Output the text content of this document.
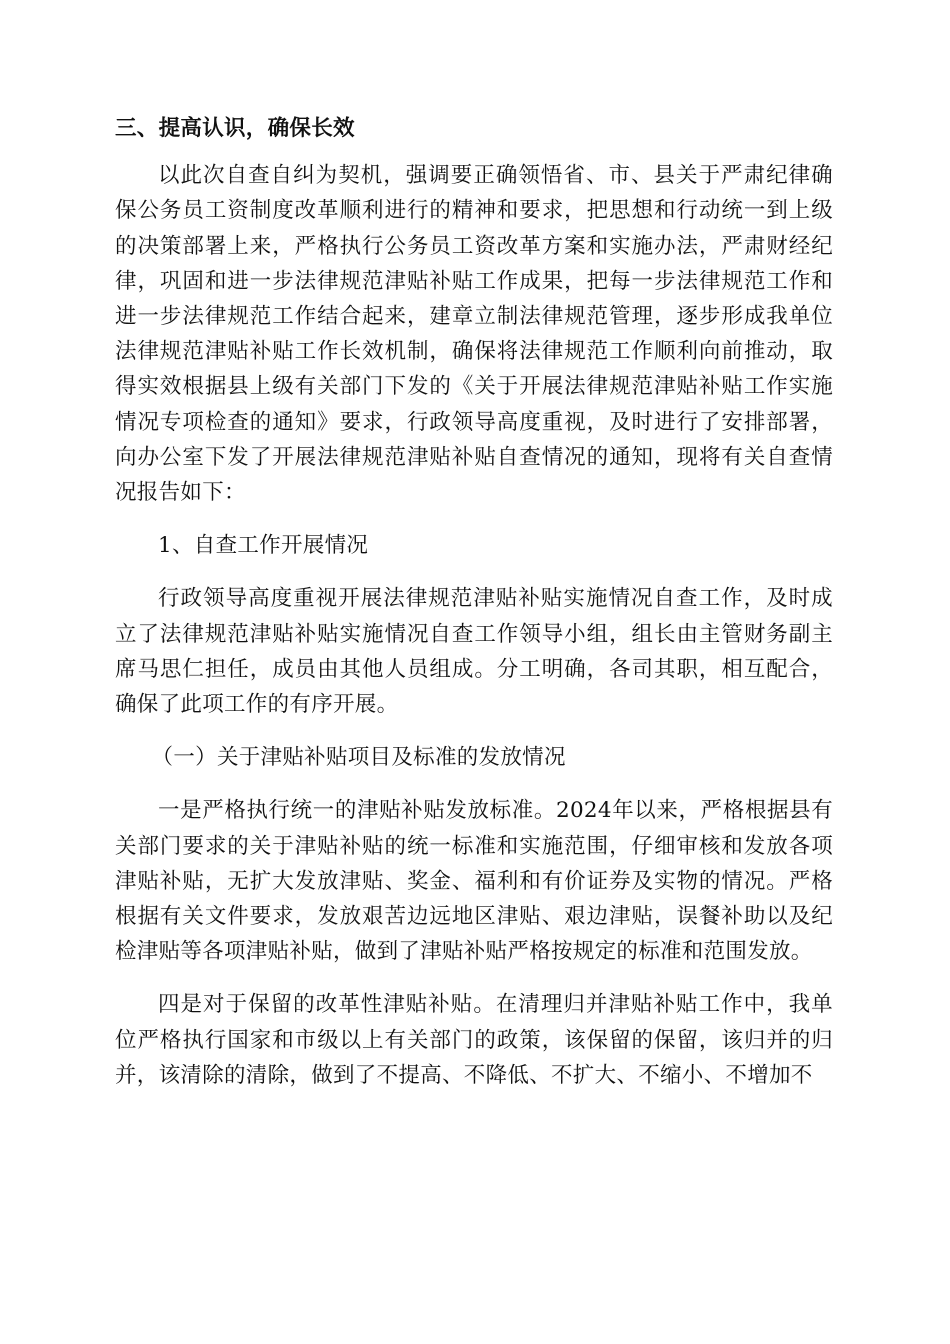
三、提高认识，确保长效

以此次自查自纠为契机，强调要正确领悟省、市、县关于严肃纪律确保公务员工资制度改革顺利进行的精神和要求，把思想和行动统一到上级的决策部署上来，严格执行公务员工资改革方案和实施办法，严肃财经纪律，巩固和进一步法律规范津贴补贴工作成果，把每一步法律规范工作和进一步法律规范工作结合起来，建章立制法律规范管理，逐步形成我单位法律规范津贴补贴工作长效机制，确保将法律规范工作顺利向前推动，取得实效根据县上级有关部门下发的《关于开展法律规范津贴补贴工作实施情况专项检查的通知》要求，行政领导高度重视，及时进行了安排部署，向办公室下发了开展法律规范津贴补贴自查情况的通知，现将有关自查情况报告如下：

1、自查工作开展情况

行政领导高度重视开展法律规范津贴补贴实施情况自查工作，及时成立了法律规范津贴补贴实施情况自查工作领导小组，组长由主管财务副主席马思仁担任，成员由其他人员组成。分工明确，各司其职，相互配合，确保了此项工作的有序开展。

（一）关于津贴补贴项目及标准的发放情况

一是严格执行统一的津贴补贴发放标准。2024年以来，严格根据县有关部门要求的关于津贴补贴的统一标准和实施范围，仔细审核和发放各项津贴补贴，无扩大发放津贴、奖金、福利和有价证券及实物的情况。严格根据有关文件要求，发放艰苦边远地区津贴、艰边津贴，误餐补助以及纪检津贴等各项津贴补贴，做到了津贴补贴严格按规定的标准和范围发放。

四是对于保留的改革性津贴补贴。在清理归并津贴补贴工作中，我单位严格执行国家和市级以上有关部门的政策，该保留的保留，该归并的归并，该清除的清除，做到了不提高、不降低、不扩大、不缩小、不增加不
